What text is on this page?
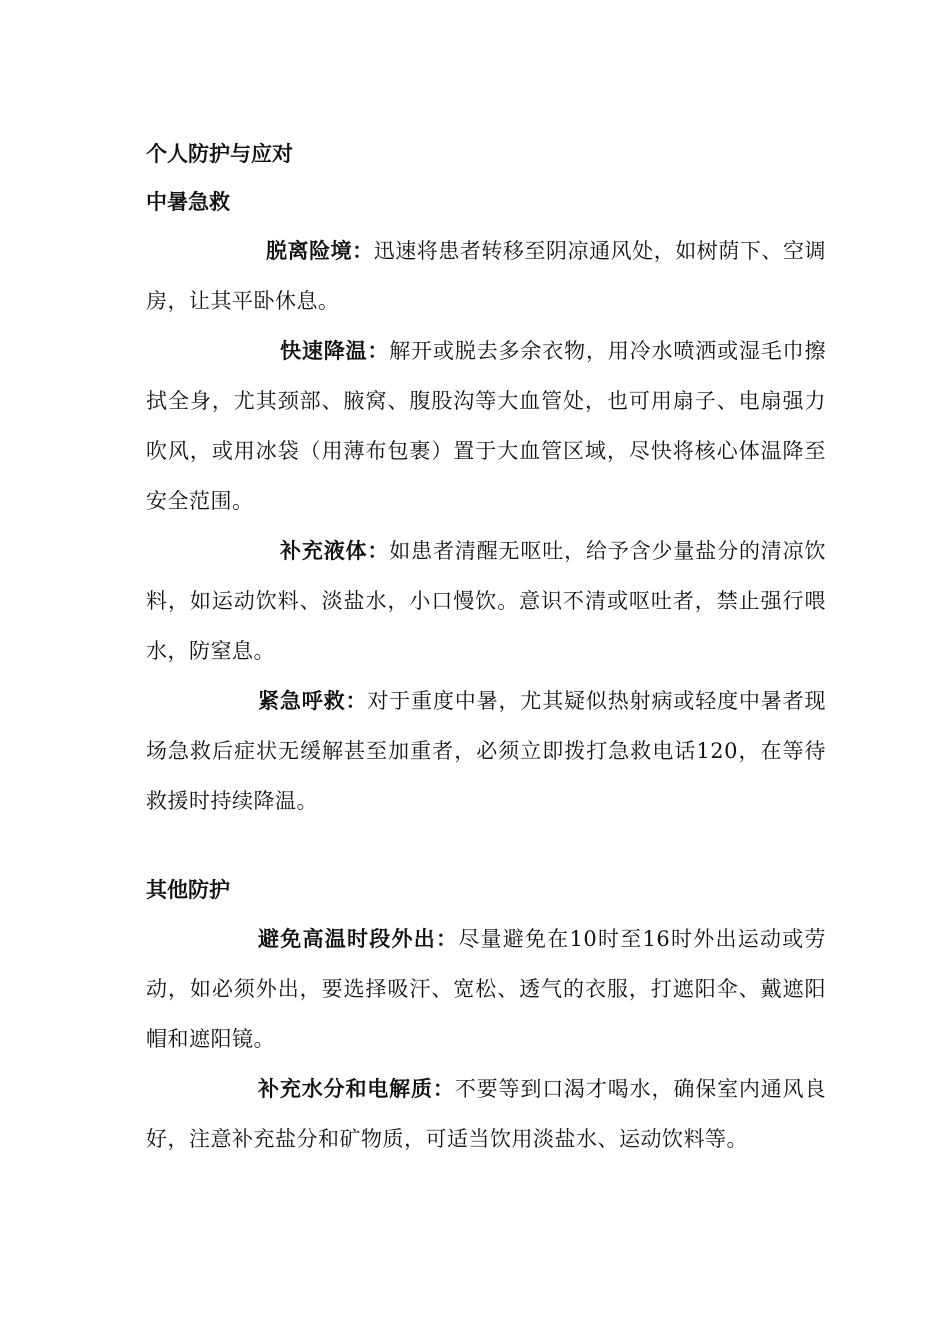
个人防护与应对

中暑急救

脱离险境：迅速将患者转移至阴凉通风处，如树荫下、空调房，让其平卧休息。

快速降温：解开或脱去多余衣物，用冷水喷洒或湿毛巾擦拭全身，尤其颈部、腋窝、腹股沟等大血管处，也可用扇子、电扇强力吹风，或用冰袋（用薄布包裹）置于大血管区域，尽快将核心体温降至安全范围。

补充液体：如患者清醒无呕吐，给予含少量盐分的清凉饮料，如运动饮料、淡盐水，小口慢饮。意识不清或呕吐者，禁止强行喂水，防窒息。

紧急呼救：对于重度中暑，尤其疑似热射病或轻度中暑者现场急救后症状无缓解甚至加重者，必须立即拨打急救电话120，在等待救援时持续降温。

其他防护

避免高温时段外出：尽量避免在10时至16时外出运动或劳动，如必须外出，要选择吸汗、宽松、透气的衣服，打遮阳伞、戴遮阳帽和遮阳镜。

补充水分和电解质：不要等到口渴才喝水，确保室内通风良好，注意补充盐分和矿物质，可适当饮用淡盐水、运动饮料等。
